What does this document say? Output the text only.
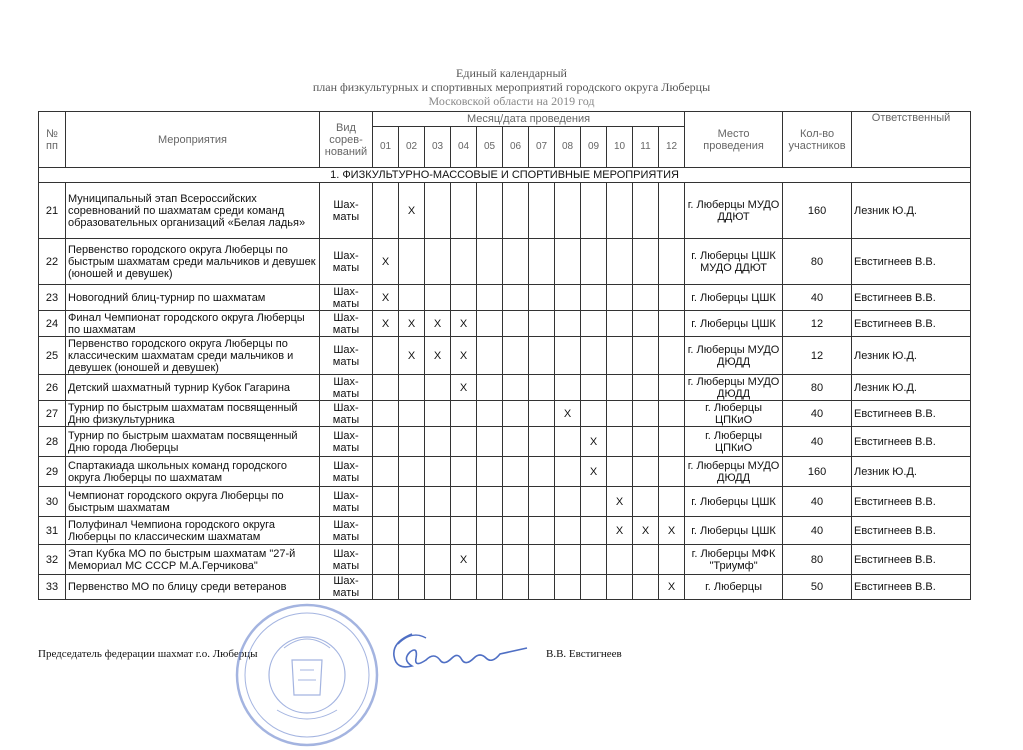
Единый календарный
план физкультурных и спортивных мероприятий городского округа Люберцы
Московской области на 2019 год
№ пп	Мероприятия	Вид сорев-нований	Месяц/дата проведения												Место проведения	Кол-во участников	Ответственный
			01	02	03	04	05	06	07	08	09	10	11	12			
1. ФИЗКУЛЬТУРНО-МАССОВЫЕ И СПОРТИВНЫЕ МЕРОПРИЯТИЯ																	
21	Муниципальный этап Всероссийских соревнований по шахматам среди команд образовательных организаций «Белая ладья»	Шах-маты		X											г. Люберцы МУДО ДДЮТ	160	Лезник Ю.Д.
22	Первенство городского округа Люберцы по быстрым шахматам среди мальчиков и девушек (юношей и девушек)	Шах-маты	X												г. Люберцы ЦШК МУДО ДДЮТ	80	Евстигнеев В.В.
23	Новогодний блиц-турнир по шахматам	Шах-маты	X												г. Люберцы ЦШК	40	Евстигнеев В.В.
24	Финал Чемпионат городского округа Люберцы по шахматам	Шах-маты	X	X	X	X									г. Люберцы ЦШК	12	Евстигнеев В.В.
25	Первенство городского округа Люберцы по классическим шахматам среди мальчиков и девушек (юношей и девушек)	Шах-маты		X	X	X									г. Люберцы МУДО ДЮДД	12	Лезник Ю.Д.
26	Детский шахматный турнир Кубок Гагарина	Шах-маты				X									г. Люберцы МУДО ДЮДД	80	Лезник Ю.Д.
27	Турнир по быстрым шахматам посвященный Дню физкультурника	Шах-маты								X					г. Люберцы ЦПКиО	40	Евстигнеев В.В.
28	Турнир по быстрым шахматам посвященный Дню города Люберцы	Шах-маты									X				г. Люберцы ЦПКиО	40	Евстигнеев В.В.
29	Спартакиада школьных команд городского округа Люберцы по шахматам	Шах-маты									X				г. Люберцы МУДО ДЮДД	160	Лезник Ю.Д.
30	Чемпионат городского округа Люберцы по быстрым шахматам	Шах-маты										X			г. Люберцы ЦШК	40	Евстигнеев В.В.
31	Полуфинал Чемпиона городского округа Люберцы по классическим шахматам	Шах-маты										X	X	X	г. Люберцы ЦШК	40	Евстигнеев В.В.
32	Этап Кубка МО по быстрым шахматам "27-й Мемориал МС СССР М.А.Герчикова"	Шах-маты				X									г. Люберцы МФК "Триумф"	80	Евстигнеев В.В.
33	Первенство МО по блицу среди ветеранов	Шах-маты												X	г. Люберцы	50	Евстигнеев В.В.
Председатель федерации шахмат г.о. Люберцы	В.В. Евстигнеев
